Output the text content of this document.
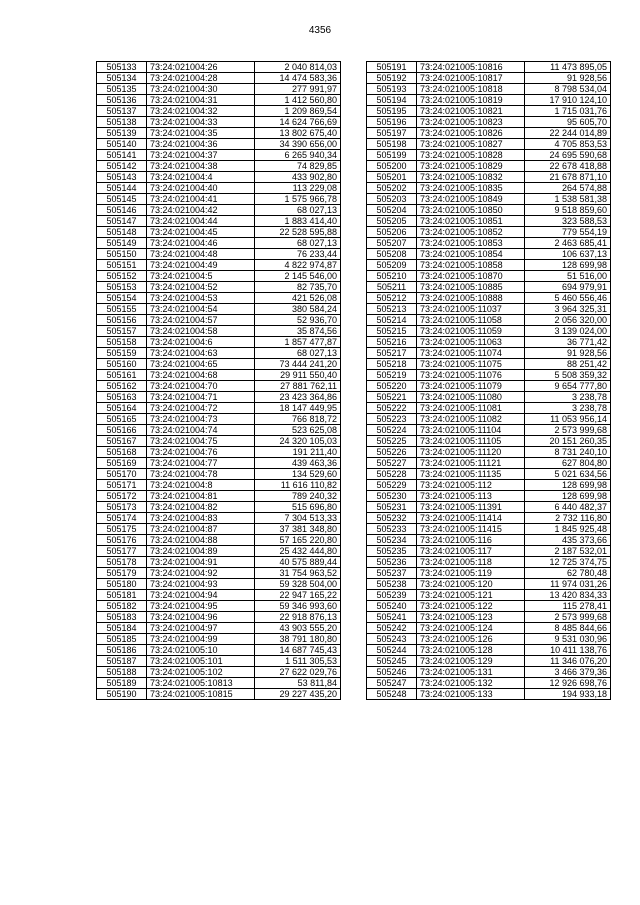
4356
505133	73:24:021004:26	2 040 814,03
505134	73:24:021004:28	14 474 583,36
505135	73:24:021004:30	277 991,97
505136	73:24:021004:31	1 412 560,80
505137	73:24:021004:32	1 209 869,54
505138	73:24:021004:33	14 624 766,69
505139	73:24:021004:35	13 802 675,40
505140	73:24:021004:36	34 390 656,00
505141	73:24:021004:37	6 265 940,34
505142	73:24:021004:38	74 829,85
505143	73:24:021004:4	433 902,80
505144	73:24:021004:40	113 229,08
505145	73:24:021004:41	1 575 966,78
505146	73:24:021004:42	68 027,13
505147	73:24:021004:44	1 883 414,40
505148	73:24:021004:45	22 528 595,88
505149	73:24:021004:46	68 027,13
505150	73:24:021004:48	76 233,44
505151	73:24:021004:49	4 822 974,87
505152	73:24:021004:5	2 145 546,00
505153	73:24:021004:52	82 735,70
505154	73:24:021004:53	421 526,08
505155	73:24:021004:54	380 584,24
505156	73:24:021004:57	52 936,70
505157	73:24:021004:58	35 874,56
505158	73:24:021004:6	1 857 477,87
505159	73:24:021004:63	68 027,13
505160	73:24:021004:65	73 444 241,20
505161	73:24:021004:68	29 911 550,40
505162	73:24:021004:70	27 881 762,11
505163	73:24:021004:71	23 423 364,86
505164	73:24:021004:72	18 147 449,95
505165	73:24:021004:73	766 818,72
505166	73:24:021004:74	523 625,08
505167	73:24:021004:75	24 320 105,03
505168	73:24:021004:76	191 211,40
505169	73:24:021004:77	439 463,36
505170	73:24:021004:78	134 529,60
505171	73:24:021004:8	11 616 110,82
505172	73:24:021004:81	789 240,32
505173	73:24:021004:82	515 696,80
505174	73:24:021004:83	7 304 513,33
505175	73:24:021004:87	37 381 348,80
505176	73:24:021004:88	57 165 220,80
505177	73:24:021004:89	25 432 444,80
505178	73:24:021004:91	40 575 889,44
505179	73:24:021004:92	31 754 963,52
505180	73:24:021004:93	59 328 504,00
505181	73:24:021004:94	22 947 165,22
505182	73:24:021004:95	59 346 993,60
505183	73:24:021004:96	22 918 876,13
505184	73:24:021004:97	43 903 555,20
505185	73:24:021004:99	38 791 180,80
505186	73:24:021005:10	14 687 745,43
505187	73:24:021005:101	1 511 305,53
505188	73:24:021005:102	27 622 029,76
505189	73:24:021005:10813	53 811,84
505190	73:24:021005:10815	29 227 435,20
505191	73:24:021005:10816	11 473 895,05
505192	73:24:021005:10817	91 928,56
505193	73:24:021005:10818	8 798 534,04
505194	73:24:021005:10819	17 910 124,10
505195	73:24:021005:10821	1 715 031,76
505196	73:24:021005:10823	95 605,70
505197	73:24:021005:10826	22 244 014,89
505198	73:24:021005:10827	4 705 853,53
505199	73:24:021005:10828	24 695 590,68
505200	73:24:021005:10829	22 678 418,88
505201	73:24:021005:10832	21 678 871,10
505202	73:24:021005:10835	264 574,88
505203	73:24:021005:10849	1 538 581,38
505204	73:24:021005:10850	9 518 859,60
505205	73:24:021005:10851	323 588,53
505206	73:24:021005:10852	779 554,19
505207	73:24:021005:10853	2 463 685,41
505208	73:24:021005:10854	106 637,13
505209	73:24:021005:10858	128 699,98
505210	73:24:021005:10870	51 516,00
505211	73:24:021005:10885	694 979,91
505212	73:24:021005:10888	5 460 556,46
505213	73:24:021005:11037	3 964 325,31
505214	73:24:021005:11058	2 056 320,00
505215	73:24:021005:11059	3 139 024,00
505216	73:24:021005:11063	36 771,42
505217	73:24:021005:11074	91 928,56
505218	73:24:021005:11075	88 251,42
505219	73:24:021005:11076	5 508 359,32
505220	73:24:021005:11079	9 654 777,80
505221	73:24:021005:11080	3 238,78
505222	73:24:021005:11081	3 238,78
505223	73:24:021005:11082	11 053 956,14
505224	73:24:021005:11104	2 573 999,68
505225	73:24:021005:11105	20 151 260,35
505226	73:24:021005:11120	8 731 240,10
505227	73:24:021005:11121	627 804,80
505228	73:24:021005:11135	5 021 634,56
505229	73:24:021005:112	128 699,98
505230	73:24:021005:113	128 699,98
505231	73:24:021005:11391	6 440 482,37
505232	73:24:021005:11414	2 732 116,80
505233	73:24:021005:11415	1 845 925,48
505234	73:24:021005:116	435 373,66
505235	73:24:021005:117	2 187 532,01
505236	73:24:021005:118	12 725 374,75
505237	73:24:021005:119	62 780,48
505238	73:24:021005:120	11 974 031,26
505239	73:24:021005:121	13 420 834,33
505240	73:24:021005:122	115 278,41
505241	73:24:021005:123	2 573 999,68
505242	73:24:021005:124	8 485 844,66
505243	73:24:021005:126	9 531 030,96
505244	73:24:021005:128	10 411 138,76
505245	73:24:021005:129	11 346 076,20
505246	73:24:021005:131	3 466 379,36
505247	73:24:021005:132	12 926 698,76
505248	73:24:021005:133	194 933,18
